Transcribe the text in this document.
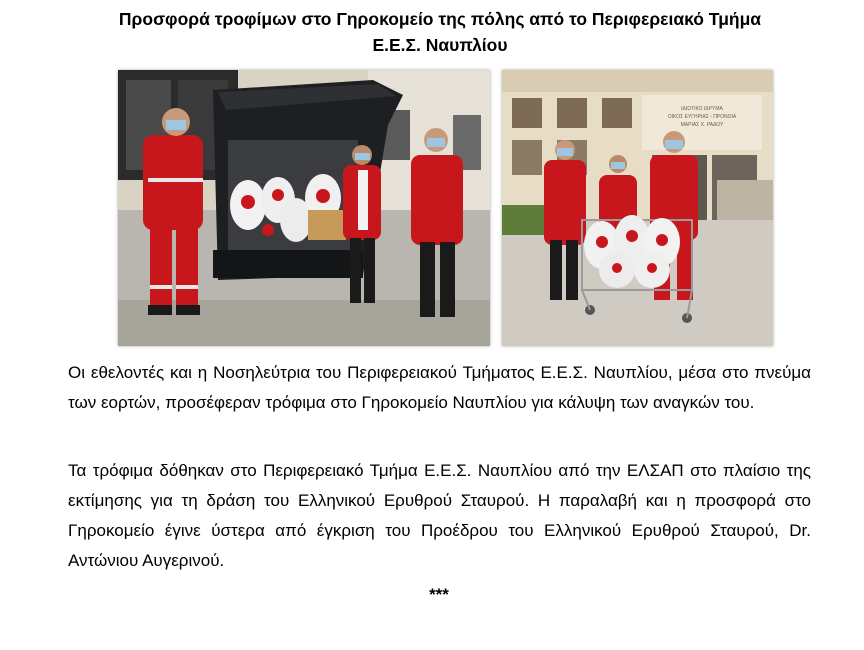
Προσφορά τροφίμων στο Γηροκομείο της πόλης από το Περιφερειακό Τμήμα
Ε.Ε.Σ. Ναυπλίου
ΙΔΙΩΤΙΚΟ ΙΔΡΥΜΑ
ΟΙΚΟΣ ΕΥΓΗΡΙΑΣ - ΠΡΟΝΟΙΑ
ΜΑΡΙΑΣ Χ. ΡΑΔΟΥ
Οι εθελοντές και η Νοσηλεύτρια του Περιφερειακού Τμήματος Ε.Ε.Σ. Ναυπλίου, μέσα στο πνεύμα των εορτών, προσέφεραν τρόφιμα στο Γηροκομείο Ναυπλίου για κάλυψη των αναγκών του.
Τα τρόφιμα δόθηκαν στο Περιφερειακό Τμήμα Ε.Ε.Σ. Ναυπλίου από την ΕΛΣΑΠ στο πλαίσιο της εκτίμησης για τη δράση του Ελληνικού Ερυθρού Σταυρού. Η παραλαβή και η προσφορά στο Γηροκομείο έγινε ύστερα από έγκριση του Προέδρου του Ελληνικού Ερυθρού Σταυρού, Dr. Αντώνιου Αυγερινού.
***
